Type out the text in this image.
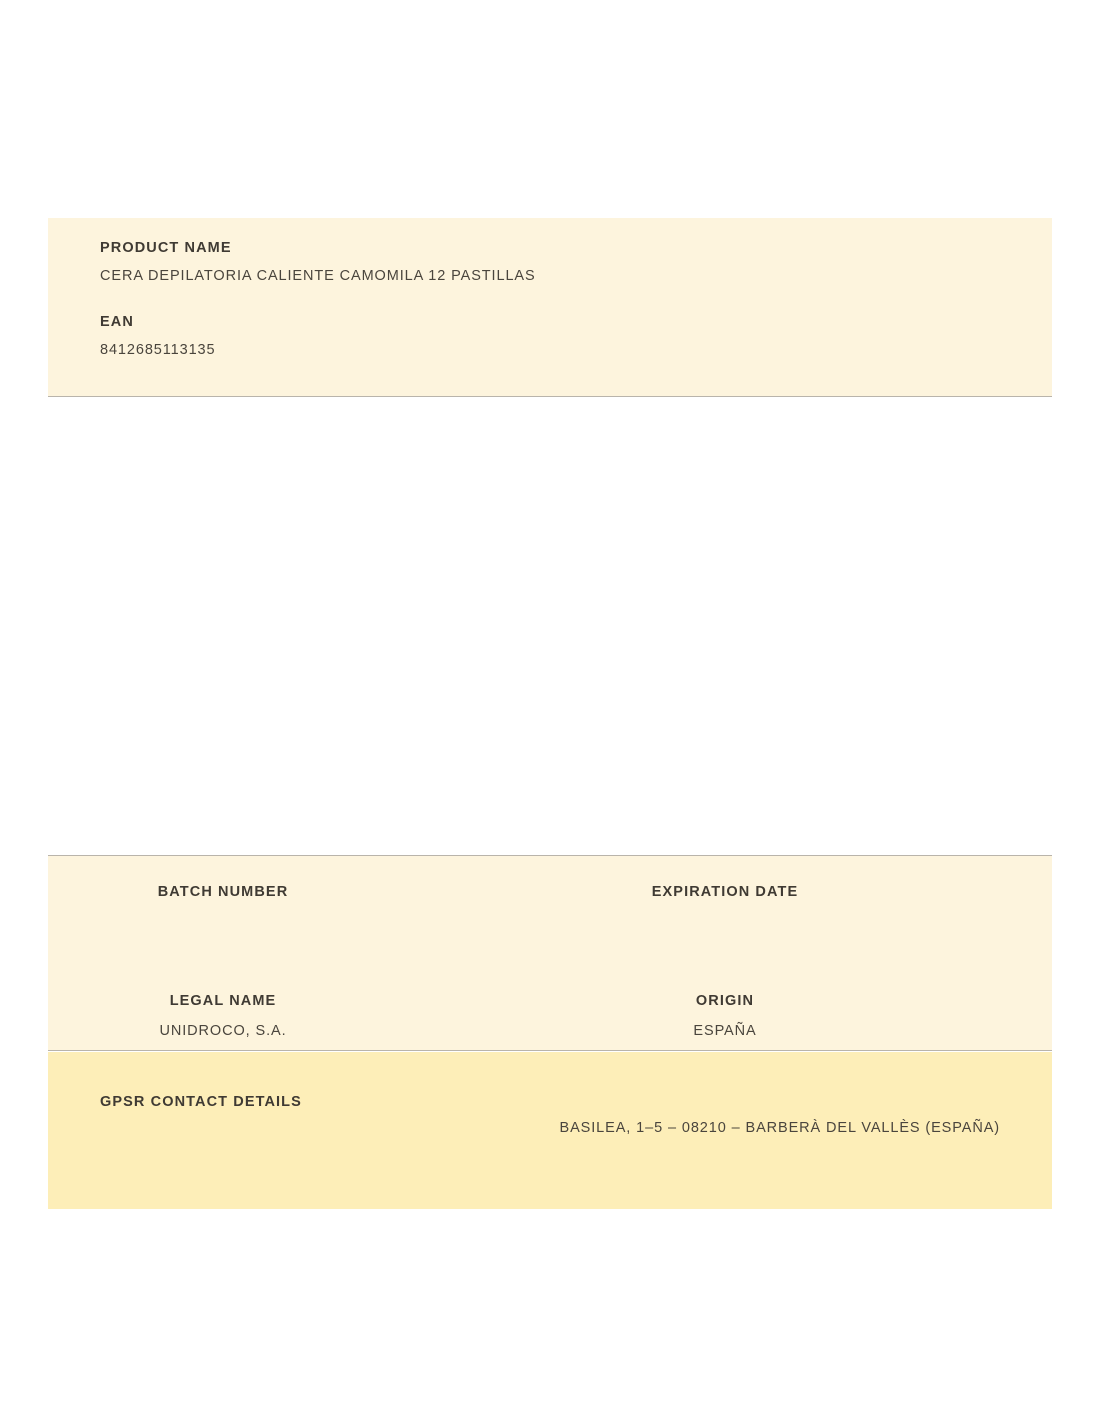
PRODUCT NAME

CERA DEPILATORIA CALIENTE CAMOMILA 12 PASTILLAS

EAN

8412685113135

BATCH NUMBER	EXPIRATION DATE

LEGAL NAME

UNIDROCO, S.A.

ORIGIN

ESPAÑA

GPSR CONTACT DETAILS

BASILEA, 1–5 – 08210 – BARBERÀ DEL VALLÈS (ESPAÑA)
